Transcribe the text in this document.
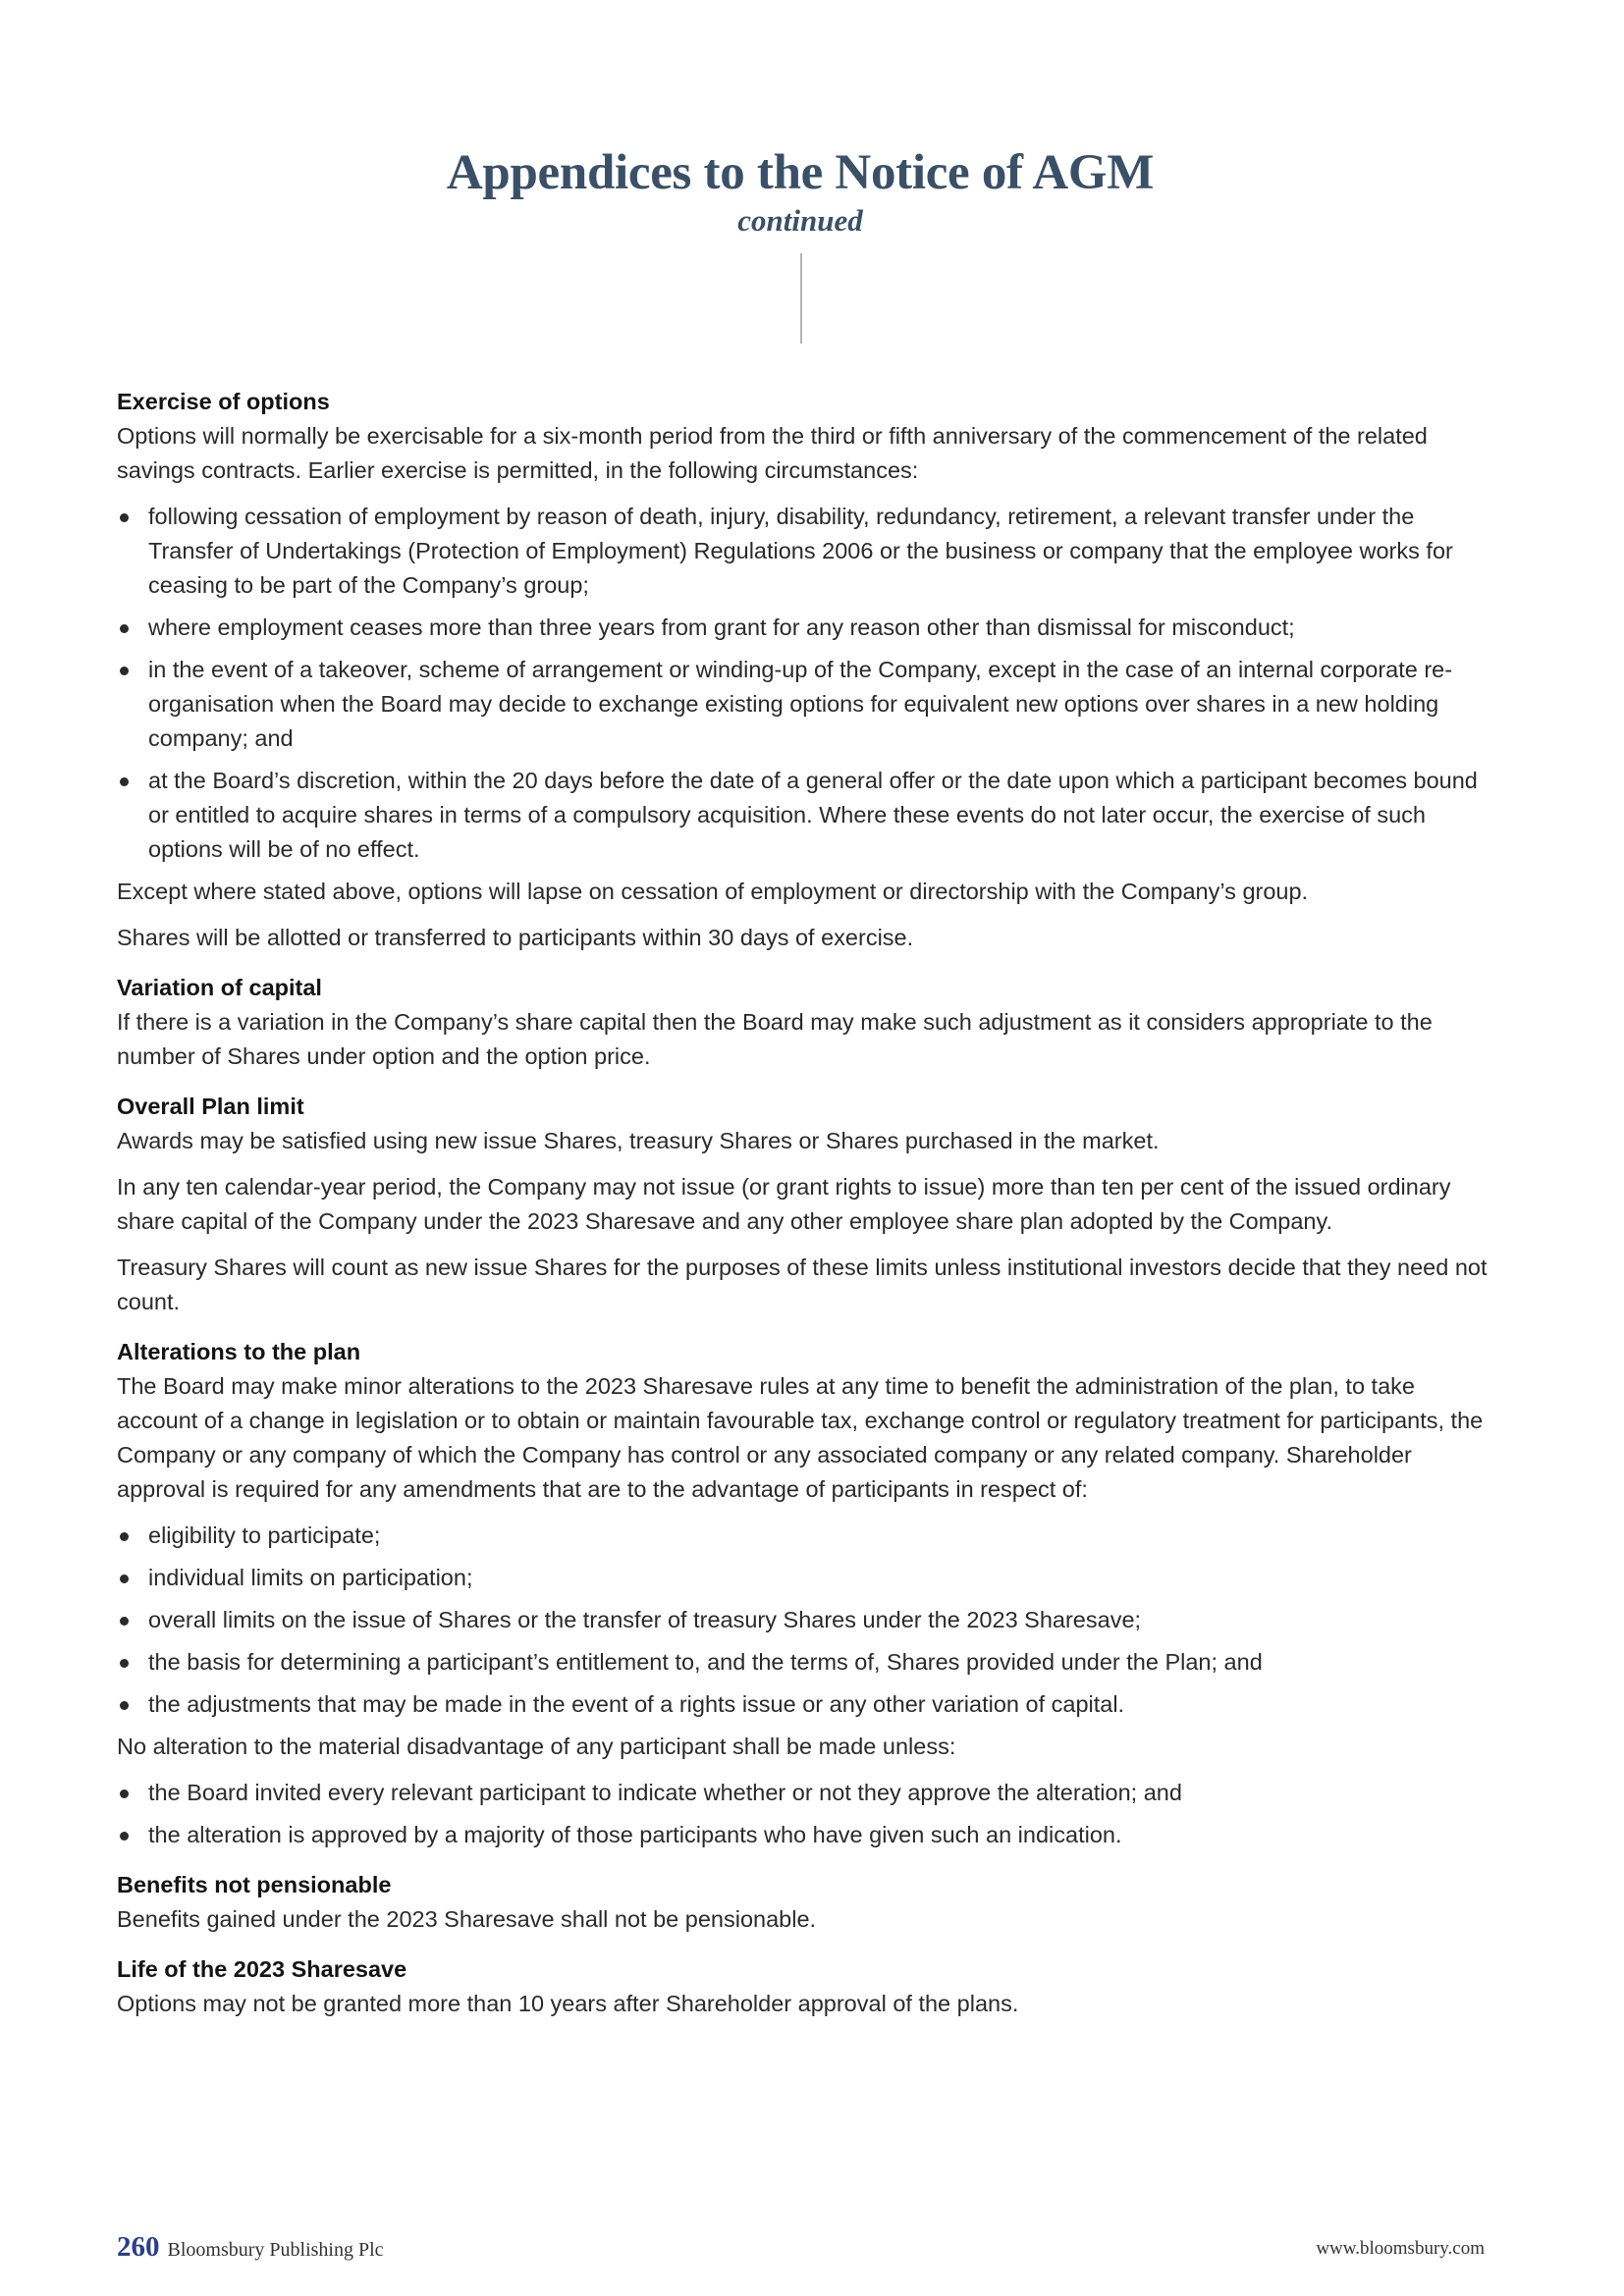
Appendices to the Notice of AGM
continued

Exercise of options

Options will normally be exercisable for a six-month period from the third or fifth anniversary of the commencement of the related savings contracts. Earlier exercise is permitted, in the following circumstances:

following cessation of employment by reason of death, injury, disability, redundancy, retirement, a relevant transfer under the Transfer of Undertakings (Protection of Employment) Regulations 2006 or the business or company that the employee works for ceasing to be part of the Company’s group;
where employment ceases more than three years from grant for any reason other than dismissal for misconduct;
in the event of a takeover, scheme of arrangement or winding-up of the Company, except in the case of an internal corporate re-organisation when the Board may decide to exchange existing options for equivalent new options over shares in a new holding company; and
at the Board’s discretion, within the 20 days before the date of a general offer or the date upon which a participant becomes bound or entitled to acquire shares in terms of a compulsory acquisition. Where these events do not later occur, the exercise of such options will be of no effect.

Except where stated above, options will lapse on cessation of employment or directorship with the Company’s group.

Shares will be allotted or transferred to participants within 30 days of exercise.

Variation of capital

If there is a variation in the Company’s share capital then the Board may make such adjustment as it considers appropriate to the number of Shares under option and the option price.

Overall Plan limit

Awards may be satisfied using new issue Shares, treasury Shares or Shares purchased in the market.

In any ten calendar-year period, the Company may not issue (or grant rights to issue) more than ten per cent of the issued ordinary share capital of the Company under the 2023 Sharesave and any other employee share plan adopted by the Company.

Treasury Shares will count as new issue Shares for the purposes of these limits unless institutional investors decide that they need not count.

Alterations to the plan

The Board may make minor alterations to the 2023 Sharesave rules at any time to benefit the administration of the plan, to take account of a change in legislation or to obtain or maintain favourable tax, exchange control or regulatory treatment for participants, the Company or any company of which the Company has control or any associated company or any related company. Shareholder approval is required for any amendments that are to the advantage of participants in respect of:

eligibility to participate;
individual limits on participation;
overall limits on the issue of Shares or the transfer of treasury Shares under the 2023 Sharesave;
the basis for determining a participant’s entitlement to, and the terms of, Shares provided under the Plan; and
the adjustments that may be made in the event of a rights issue or any other variation of capital.

No alteration to the material disadvantage of any participant shall be made unless:

the Board invited every relevant participant to indicate whether or not they approve the alteration; and
the alteration is approved by a majority of those participants who have given such an indication.

Benefits not pensionable

Benefits gained under the 2023 Sharesave shall not be pensionable.

Life of the 2023 Sharesave

Options may not be granted more than 10 years after Shareholder approval of the plans.

260 Bloomsbury Publishing Plc	www.bloomsbury.com
